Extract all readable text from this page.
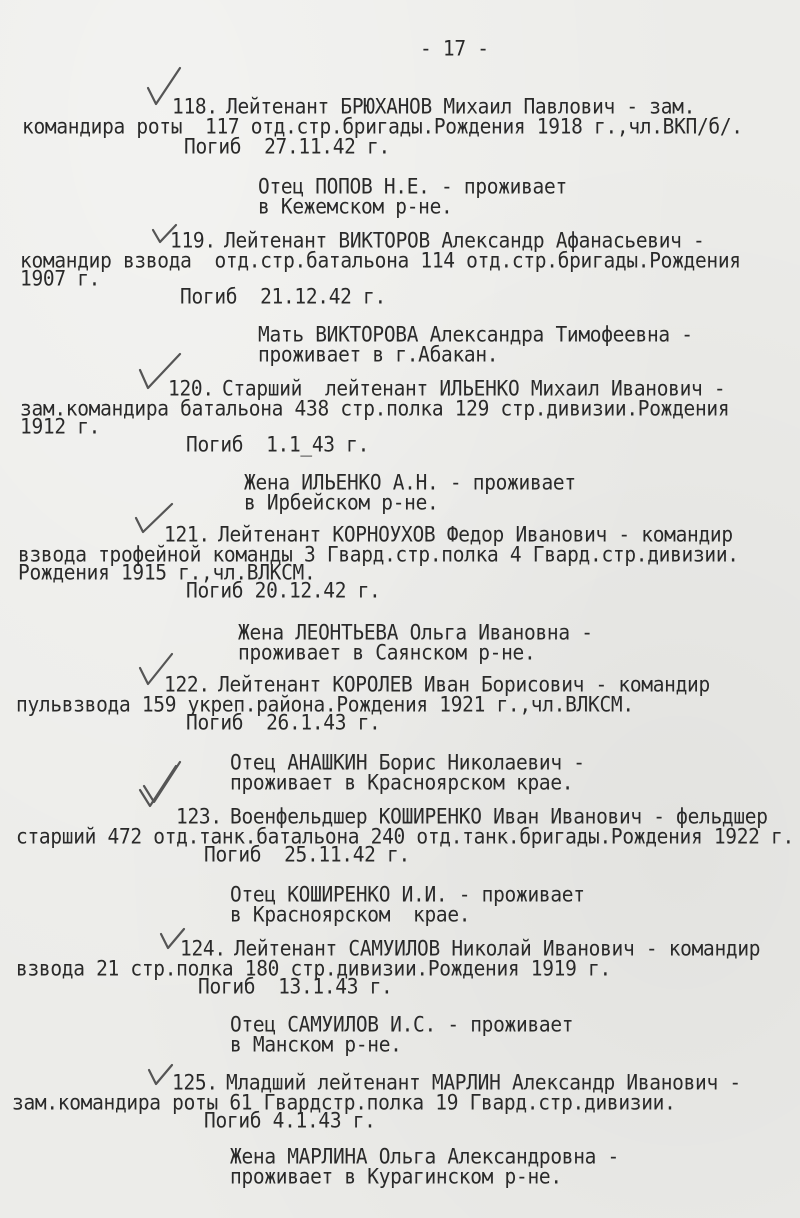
- 17 -
118. Лейтенант БРЮХАНОВ Михаил Павлович - зам.
командира роты  117 отд.стр.бригады.Рождения 1918 г.,чл.ВКП/б/.
Погиб  27.11.42 г.
Отец ПОПОВ Н.Е. - проживает
в Кежемском р-не.
119. Лейтенант ВИКТОРОВ Александр Афанасьевич -
командир взвода  отд.стр.батальона 114 отд.стр.бригады.Рождения
1907 г.
Погиб  21.12.42 г.
Мать ВИКТОРОВА Александра Тимофеевна -
проживает в г.Абакан.
120. Старший  лейтенант ИЛЬЕНКО Михаил Иванович -
зам.командира батальона 438 стр.полка 129 стр.дивизии.Рождения
1912 г.
Погиб  1.1_43 г.
Жена ИЛЬЕНКО А.Н. - проживает
в Ирбейском р-не.
121. Лейтенант КОРНОУХОВ Федор Иванович - командир
взвода трофейной команды 3 Гвард.стр.полка 4 Гвард.стр.дивизии.
Рождения 1915 г.,чл.ВЛКСМ.
Погиб 20.12.42 г.
Жена ЛЕОНТЬЕВА Ольга Ивановна -
проживает в Саянском р-не.
122. Лейтенант КОРОЛЕВ Иван Борисович - командир
пульвзвода 159 укреп.района.Рождения 1921 г.,чл.ВЛКСМ.
Погиб  26.1.43 г.
Отец АНАШКИН Борис Николаевич -
проживает в Красноярском крае.
123. Военфельдшер КОШИРЕНКО Иван Иванович - фельдшер
старший 472 отд.танк.батальона 240 отд.танк.бригады.Рождения 1922 г.
Погиб  25.11.42 г.
Отец КОШИРЕНКО И.И. - проживает
в Красноярском  крае.
124. Лейтенант САМУИЛОВ Николай Иванович - командир
взвода 21 стр.полка 180 стр.дивизии.Рождения 1919 г.
Погиб  13.1.43 г.
Отец САМУИЛОВ И.С. - проживает
в Манском р-не.
125. Младший лейтенант МАРЛИН Александр Иванович -
зам.командира роты 61 Гвардстр.полка 19 Гвард.стр.дивизии.
Погиб 4.1.43 г.
Жена МАРЛИНА Ольга Александровна -
проживает в Курагинском р-не.
